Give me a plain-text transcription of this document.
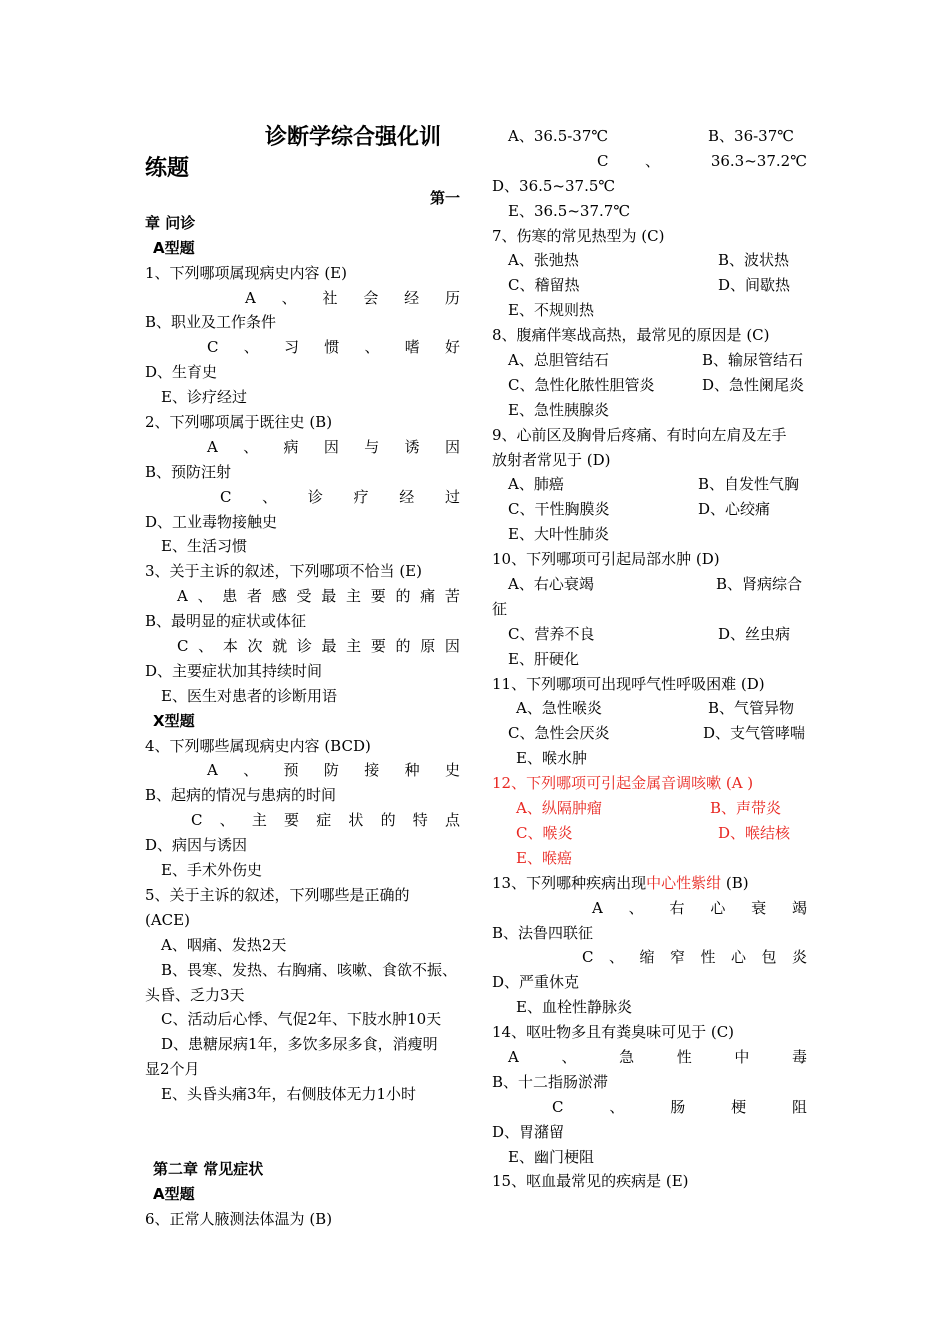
诊断学综合强化训
练题
第一
章 问诊
A型题
1、下列哪项属现病史内容 (E)
A 、 社 会 经 历
B、职业及工作条件
C 、 习 惯 、 嗜 好
D、生育史
E、诊疗经过
2、下列哪项属于既往史 (B)
A 、 病 因 与 诱 因
B、预防汪射
C 、 诊 疗 经 过
D、工业毒物接触史
E、生活习惯
3、关于主诉的叙述，下列哪项不恰当 (E)
A 、 患 者 感 受 最 主 要 的 痛 苦
B、最明显的症状或体征
C 、 本 次 就 诊 最 主 要 的 原 因
D、主要症状加其持续时间
E、医生对患者的诊断用语
X型题
4、下列哪些属现病史内容 (BCD)
A 、 预 防 接 种 史
B、起病的情况与患病的时间
C 、 主 要 症 状 的 特 点
D、病因与诱因
E、手术外伤史
5、关于主诉的叙述，下列哪些是正确的
(ACE)
A、咽痛、发热2天
B、畏寒、发热、右胸痛、咳嗽、食欲不振、
头昏、乏力3天
C、活动后心悸、气促2年、下肢水肿10天
D、患糖尿病1年，多饮多尿多食，消瘦明
显2个月
E、头昏头痛3年，右侧肢体无力1小时
第二章 常见症状
A型题
6、正常人腋测法体温为 (B)
A、36.5-37℃	B、36-37℃
C	、	36.3~37.2℃
D、36.5~37.5℃
E、36.5~37.7℃
7、伤寒的常见热型为 (C)
A、张弛热	B、波状热
C、稽留热	D、间歇热
E、不规则热
8、腹痛伴寒战高热，最常见的原因是 (C)
A、总胆管结石	B、输尿管结石
C、急性化脓性胆管炎	D、急性阑尾炎
E、急性胰腺炎
9、心前区及胸骨后疼痛、有时向左肩及左手
放射者常见于 (D)
A、肺癌	B、自发性气胸
C、干性胸膜炎	D、心绞痛
E、大叶性肺炎
10、下列哪项可引起局部水肿 (D)
A、右心衰竭	B、肾病综合
征
C、营养不良	D、丝虫病
E、肝硬化
11、下列哪项可出现呼气性呼吸困难 (D)
A、急性喉炎	B、气管异物
C、急性会厌炎	D、支气管哮喘
E、喉水肿
12、下列哪项可引起金属音调咳嗽 (A )
A、纵隔肿瘤	B、声带炎
C、喉炎	D、喉结核
E、喉癌
13、下列哪种疾病出现中心性紫绀 (B)
A 、 右 心 衰 竭
B、法鲁四联征
C 、 缩 窄 性 心 包 炎
D、严重休克
E、血栓性静脉炎
14、呕吐物多且有粪臭味可见于 (C)
A	、	急	性	中	毒
B、十二指肠淤滞
C	、	肠	梗	阻
D、胃潴留
E、幽门梗阻
15、呕血最常见的疾病是 (E)
